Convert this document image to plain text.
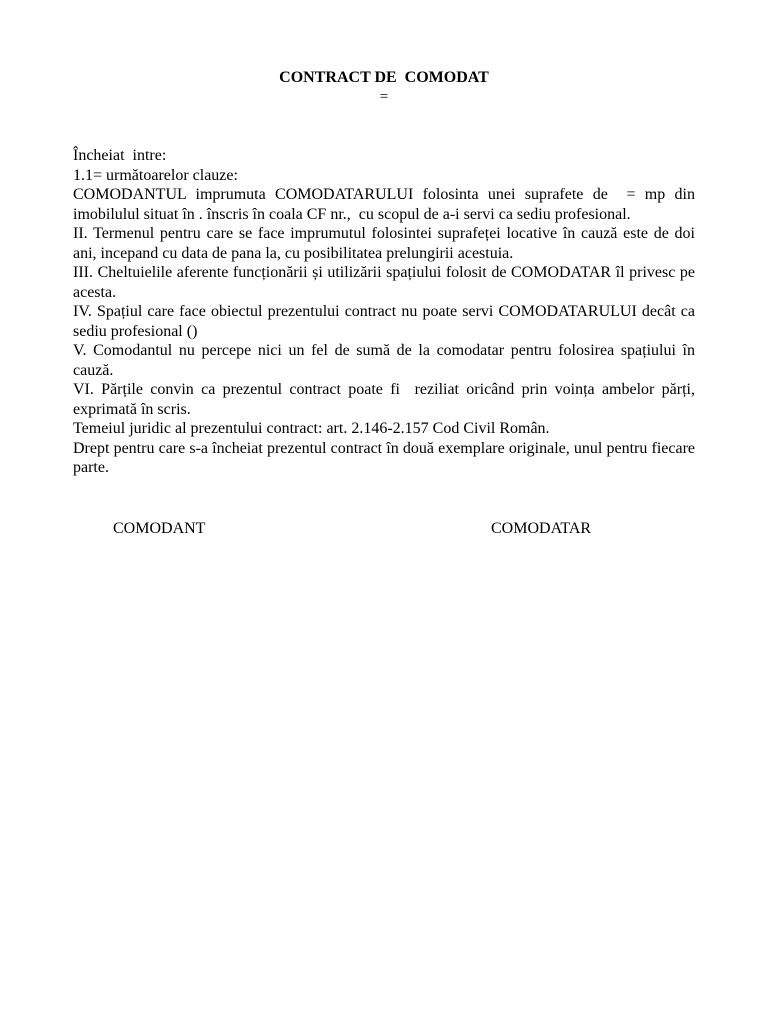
CONTRACT DE  COMODAT
=

Încheiat  intre:

1.1= următoarelor clauze:

COMODANTUL imprumuta COMODATARULUI folosinta unei suprafete de  = mp din imobilulul situat în . înscris în coala CF nr.,  cu scopul de a-i servi ca sediu profesional.

II. Termenul pentru care se face imprumutul folosintei suprafeței locative în cauză este de doi ani, incepand cu data de pana la, cu posibilitatea prelungirii acestuia.

III. Cheltuielile aferente funcționării și utilizării spațiului folosit de COMODATAR îl privesc pe acesta.

IV. Spațiul care face obiectul prezentului contract nu poate servi COMODATARULUI decât ca sediu profesional ()

V. Comodantul nu percepe nici un fel de sumă de la comodatar pentru folosirea spațiului în cauză.

VI. Părțile convin ca prezentul contract poate fi  reziliat oricând prin voința ambelor părți, exprimată în scris.

Temeiul juridic al prezentului contract: art. 2.146-2.157 Cod Civil Român.

Drept pentru care s-a încheiat prezentul contract în două exemplare originale, unul pentru fiecare parte.

COMODANT	COMODATAR
